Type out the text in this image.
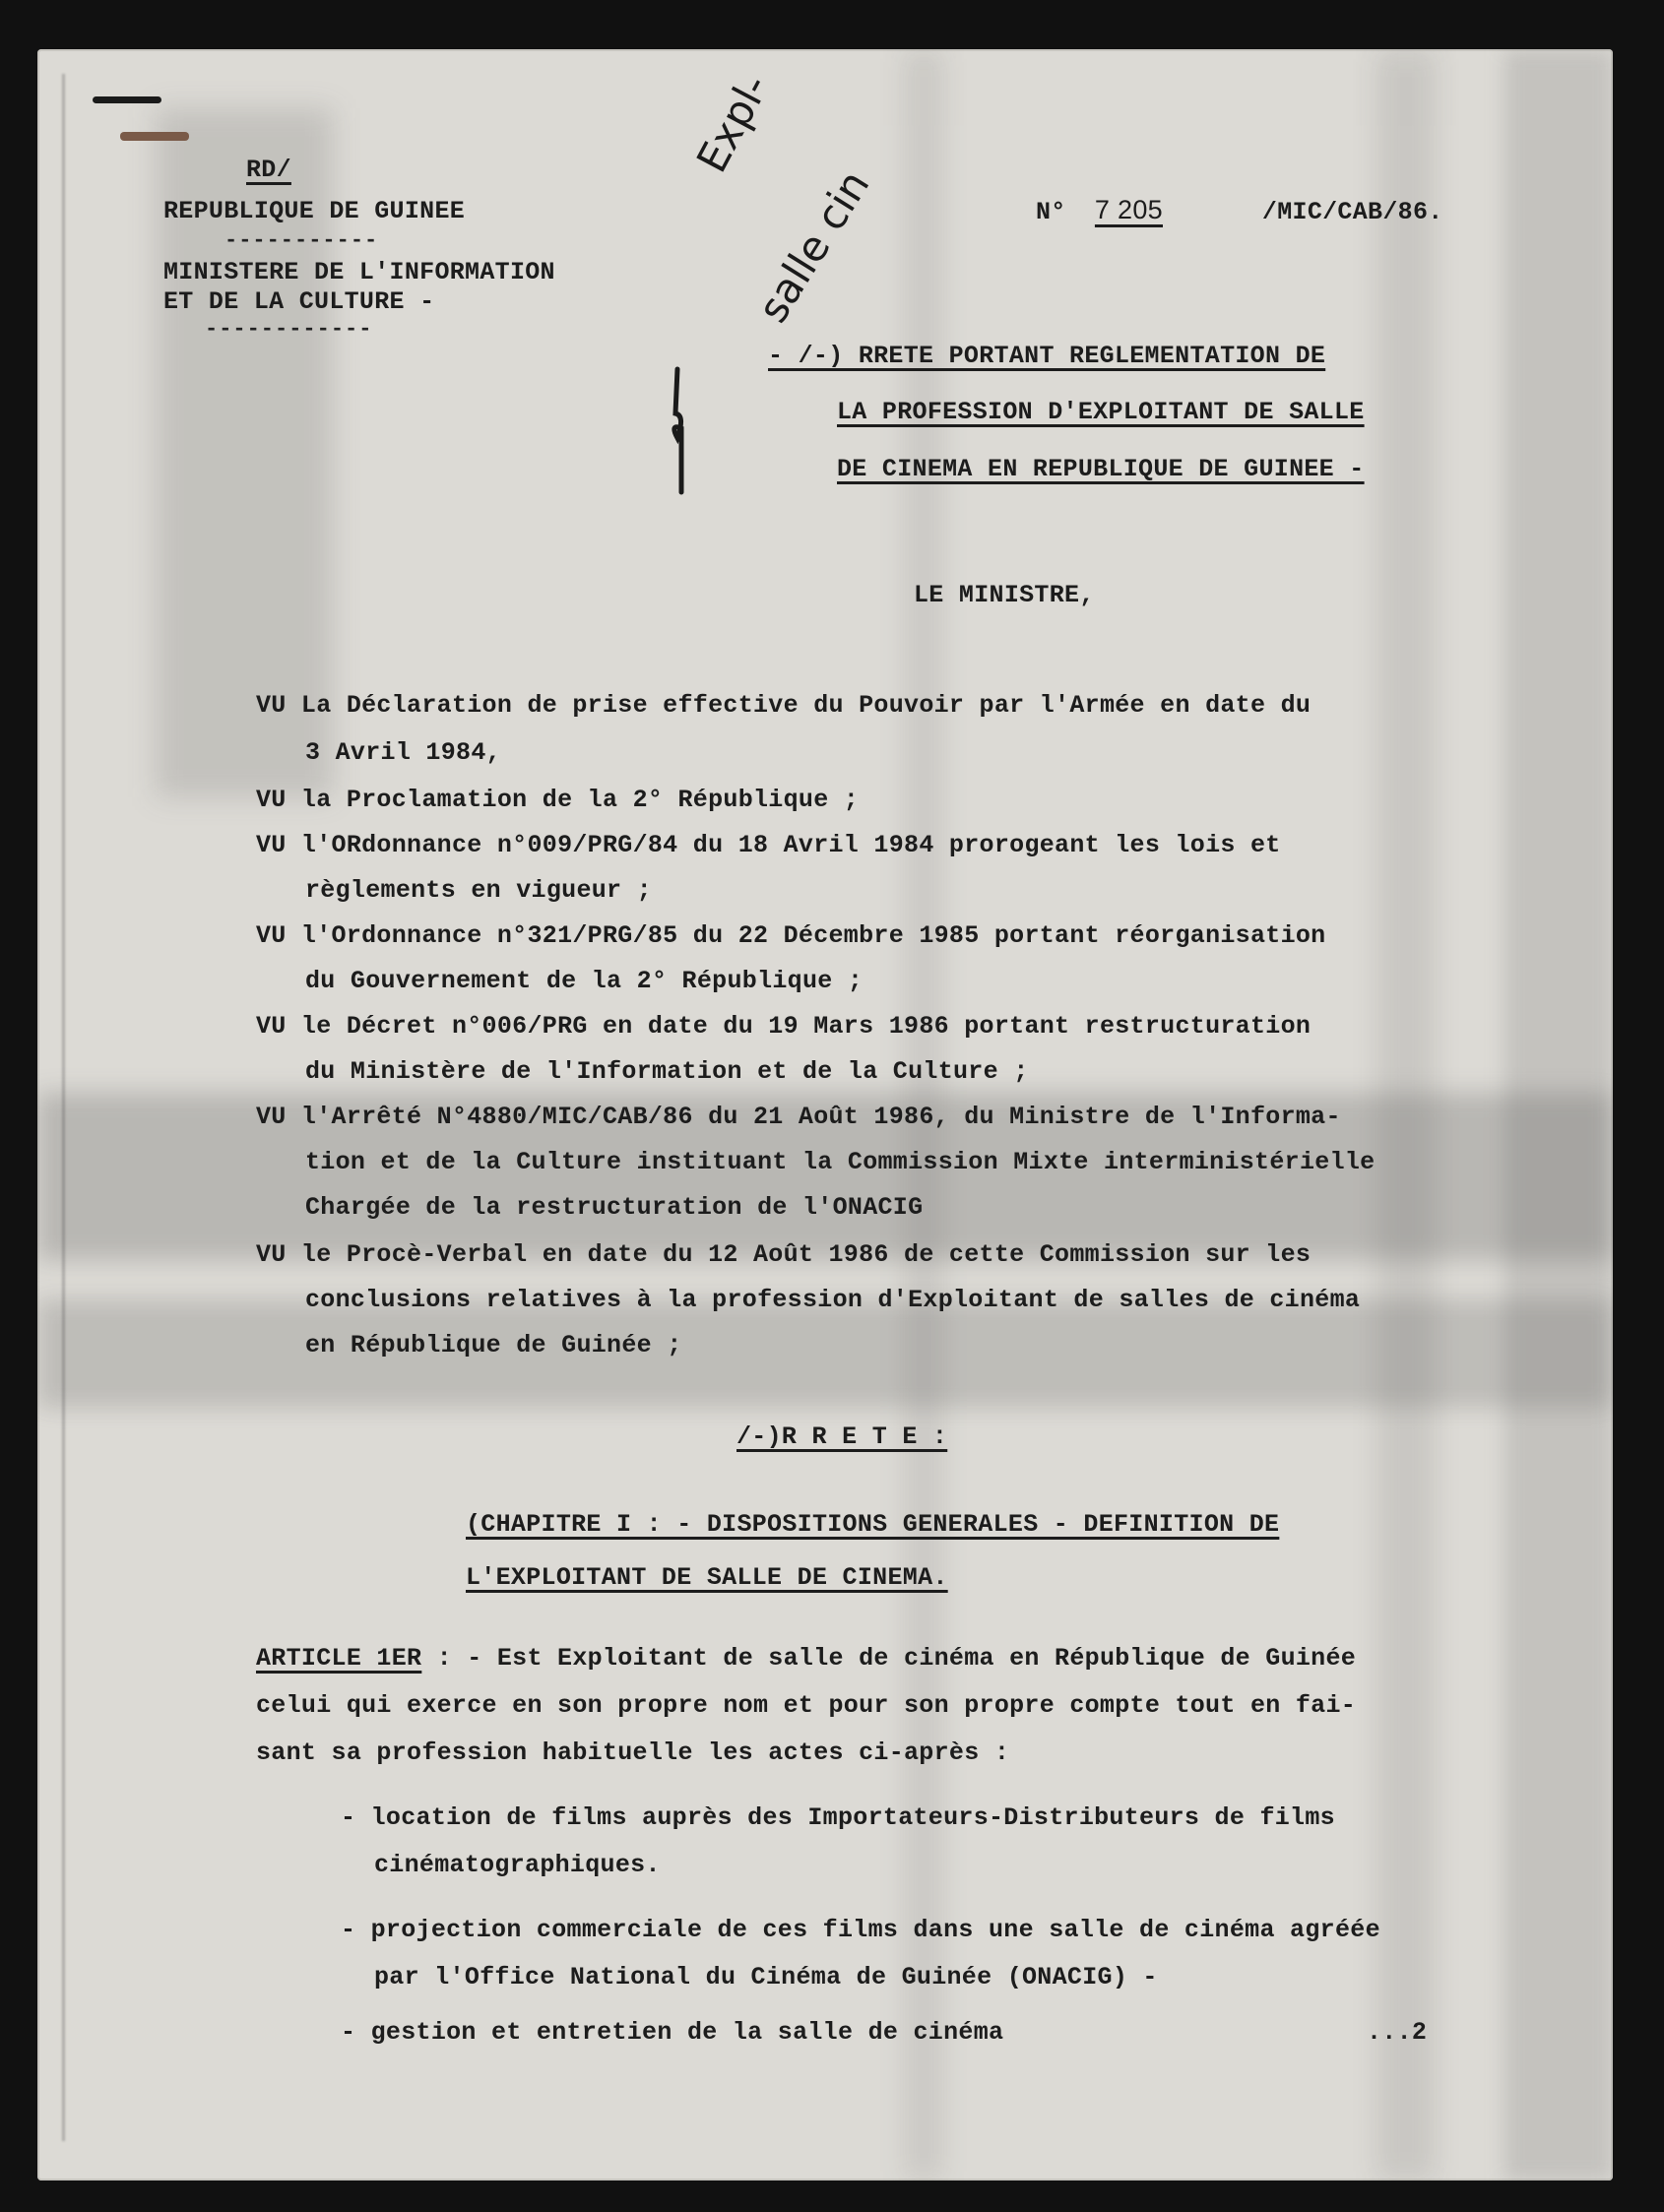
RD/
REPUBLIQUE DE GUINEE
-----------
MINISTERE DE L'INFORMATION
ET DE LA CULTURE -
------------
N° 7 205	/MIC/CAB/86.
Expl-
salle cin
- /-) RRETE PORTANT REGLEMENTATION DE
LA PROFESSION D'EXPLOITANT DE SALLE
DE CINEMA EN REPUBLIQUE DE GUINEE -
LE MINISTRE,
VU La Déclaration de prise effective du Pouvoir par l'Armée en date du
3 Avril 1984,
VU la Proclamation de la 2° République ;
VU l'ORdonnance n°009/PRG/84 du 18 Avril 1984 prorogeant les lois et
règlements en vigueur ;
VU l'Ordonnance n°321/PRG/85 du 22 Décembre 1985 portant réorganisation
du Gouvernement de la 2° République ;
VU le Décret n°006/PRG en date du 19 Mars 1986 portant restructuration
du Ministère de l'Information et de la Culture ;
VU l'Arrêté N°4880/MIC/CAB/86 du 21 Août 1986, du Ministre de l'Informa-
tion et de la Culture instituant la Commission Mixte interministérielle
Chargée de la restructuration de l'ONACIG
VU le Procè-Verbal en date du 12 Août 1986 de cette Commission sur les
conclusions relatives à la profession d'Exploitant de salles de cinéma
en République de Guinée ;
/-)R R E T E :
(CHAPITRE I : - DISPOSITIONS GENERALES - DEFINITION DE
L'EXPLOITANT DE SALLE DE CINEMA.
ARTICLE 1ER : - Est Exploitant de salle de cinéma en République de Guinée
celui qui exerce en son propre nom et pour son propre compte tout en fai-
sant sa profession habituelle les actes ci-après :
- location de films auprès des Importateurs-Distributeurs de films
cinématographiques.
- projection commerciale de ces films dans une salle de cinéma agréée
par l'Office National du Cinéma de Guinée (ONACIG) -
- gestion et entretien de la salle de cinéma	...2
